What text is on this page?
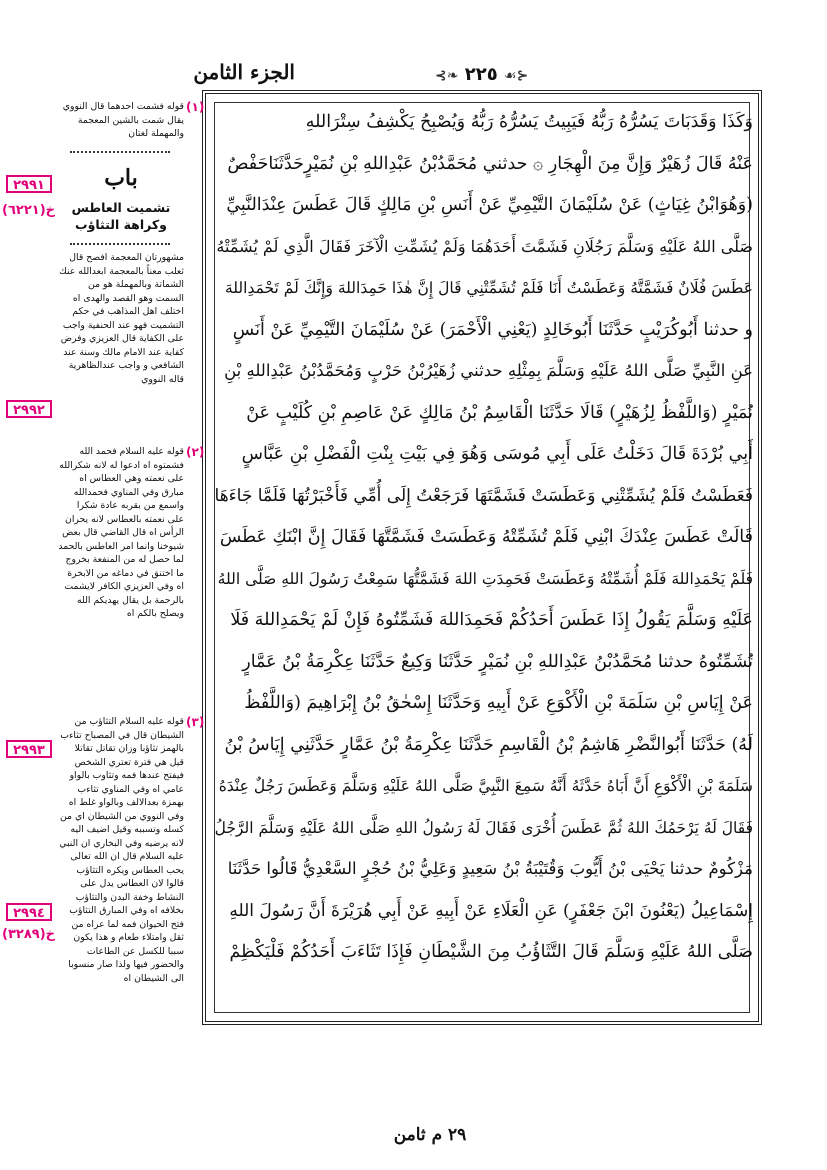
الجزء الثامن	⊰❧ ٢٢٥ ☙⊱
وَكَذَا وَقَدَبَاتَ يَسُرُّهُ رَبُّهُ فَيَبِيتُ يَسُرُّهُ رَبُّهُ وَيُصْبِحُ يَكْشِفُ سِتْرَاللهِ
عَنْهُ قَالَ زُهَيْرٌ وَإِنَّ مِنَ الْهِجَارِ ۞ حدثني مُحَمَّدُبْنُ عَبْدِاللهِ بْنِ نُمَيْرٍحَدَّثَنَاحَفْصٌ
(وَهُوَابْنُ غِيَاثٍ) عَنْ سُلَيْمَانَ التَّيْمِيِّ عَنْ أَنَسِ بْنِ مَالِكٍ قَالَ عَطَسَ عِنْدَالنَّبِيِّ
صَلَّى اللهُ عَلَيْهِ وَسَلَّمَ رَجُلَانِ فَشَمَّتَ أَحَدَهُمَا وَلَمْ يُشَمِّتِ الْآخَرَ فَقَالَ الَّذِي لَمْ يُشَمِّتْهُ
عَطَسَ فُلَانٌ فَشَمَّتَّهُ وَعَطَسْتُ أَنَا فَلَمْ تُشَمِّتْنِي قَالَ إِنَّ هٰذَا حَمِدَاللهَ وَإِنَّكَ لَمْ تَحْمَدِاللهَ
و حدثنا أَبُوكُرَيْبٍ حَدَّثَنَا أَبُوخَالِدٍ (يَعْنِي الْأَحْمَرَ) عَنْ سُلَيْمَانَ التَّيْمِيِّ عَنْ أَنَسٍ
عَنِ النَّبِيِّ صَلَّى اللهُ عَلَيْهِ وَسَلَّمَ بِمِثْلِهِ حدثني زُهَيْرُبْنُ حَرْبٍ وَمُحَمَّدُبْنُ عَبْدِاللهِ بْنِ
نُمَيْرٍ (وَاللَّفْظُ لِزُهَيْرٍ) قَالَا حَدَّثَنَا الْقَاسِمُ بْنُ مَالِكٍ عَنْ عَاصِمِ بْنِ كُلَيْبٍ عَنْ
أَبِي بُرْدَةَ قَالَ دَخَلْتُ عَلَى أَبِي مُوسَى وَهُوَ فِي بَيْتِ بِنْتِ الْفَضْلِ بْنِ عَبَّاسٍ
فَعَطَسْتُ فَلَمْ يُشَمِّتْنِي وَعَطَسَتْ فَشَمَّتَهَا فَرَجَعْتُ إِلَى أُمِّي فَأَخْبَرْتُهَا فَلَمَّا جَاءَهَا
قَالَتْ عَطَسَ عِنْدَكَ ابْنِي فَلَمْ تُشَمِّتْهُ وَعَطَسَتْ فَشَمَّتَّهَا فَقَالَ إِنَّ ابْنَكِ عَطَسَ
فَلَمْ يَحْمَدِاللهَ فَلَمْ أُشَمِّتْهُ وَعَطَسَتْ فَحَمِدَتِ اللهَ فَشَمَّتُّهَا سَمِعْتُ رَسُولَ اللهِ صَلَّى اللهُ
عَلَيْهِ وَسَلَّمَ يَقُولُ إِذَا عَطَسَ أَحَدُكُمْ فَحَمِدَاللهَ فَشَمِّتُوهُ فَإِنْ لَمْ يَحْمَدِاللهَ فَلَا
تُشَمِّتُوهُ حدثنا مُحَمَّدُبْنُ عَبْدِاللهِ بْنِ نُمَيْرٍ حَدَّثَنَا وَكِيعٌ حَدَّثَنَا عِكْرِمَةُ بْنُ عَمَّارٍ
عَنْ إِيَاسِ بْنِ سَلَمَةَ بْنِ الْأَكْوَعِ عَنْ أَبِيهِ وَحَدَّثَنَا إِسْحٰقُ بْنُ إِبْرَاهِيمَ (وَاللَّفْظُ
لَهُ) حَدَّثَنَا أَبُوالنَّضْرِ هَاشِمُ بْنُ الْقَاسِمِ حَدَّثَنَا عِكْرِمَةُ بْنُ عَمَّارٍ حَدَّثَنِي إِيَاسُ بْنُ
سَلَمَةَ بْنِ الْأَكْوَعِ أَنَّ أَبَاهُ حَدَّثَهُ أَنَّهُ سَمِعَ النَّبِيَّ صَلَّى اللهُ عَلَيْهِ وَسَلَّمَ وَعَطَسَ رَجُلٌ عِنْدَهُ
فَقَالَ لَهُ يَرْحَمُكَ اللهُ ثُمَّ عَطَسَ أُخْرَى فَقَالَ لَهُ رَسُولُ اللهِ صَلَّى اللهُ عَلَيْهِ وَسَلَّمَ الرَّجُلُ
مَزْكُومٌ حدثنا يَحْيَى بْنُ أَيُّوبَ وَقُتَيْبَةُ بْنُ سَعِيدٍ وَعَلِيُّ بْنُ حُجْرٍ السَّعْدِيُّ قَالُوا حَدَّثَنَا
إِسْمَاعِيلُ (يَعْنُونَ ابْنَ جَعْفَرٍ) عَنِ الْعَلَاءِ عَنْ أَبِيهِ عَنْ أَبِي هُرَيْرَةَ أَنَّ رَسُولَ اللهِ
صَلَّى اللهُ عَلَيْهِ وَسَلَّمَ قَالَ التَّثَاؤُبُ مِنَ الشَّيْطَانِ فَإِذَا تَثَاءَبَ أَحَدُكُمْ فَلْيَكْظِمْ
(١)
قوله فشمت احدهما قال النووي يقال شمت بالشين المعجمة والمهملة لغتان
٢٩٩١	باب
خ(٦٢٢١)	تشميت العاطس وكراهة التثاؤب
مشهورتان المعجمة افصح قال ثعلب معناً بالمعجمة ابعدالله عنك الشماتة وبالمهملة هو من السمت وهو القصد والهدى اه اختلف اهل المذاهب في حكم التشميت فهو عند الحنفية واجب على الكفاية قال العزيزي وفرض كفاية عند الامام مالك وسنة عند الشافعي و واجب عندالظاهرية قاله النووي
٢٩٩٢
(٢)
قوله عليه السلام فحمد الله فشمتوه اه ادعوا له لانه شكرالله على نعمته وهي العطاس اه مبارق وفي المناوي فحمدالله واسمع من بقربه عادة شكرا على نعمته بالعطاس لانه يحران الرأس اه قال القاضي قال بعض شيوخنا وانما امر العاطس بالحمد لما حصل له من المنفعة بخروج ما اختنق في دماغه من الابخرة اه وفي العزيزي الكافر لايشمت بالرحمة بل يقال يهديكم الله ويصلح بالكم اه
(٣)
٢٩٩٣
قوله عليه السلام التثاؤب من الشيطان قال في المصباح تثاءب بالهمز تثاؤبا وزان تقاتل تقاتلا قيل هي فترة تعتري الشخص فيفتح عندها فمه وتثاوب بالواو عامي اه وفي المناوي تثاءب بهمزة بعدالالف وبالواو غلط اه وفي النووي من الشيطان اي من كسله وتسببه وقيل اضيف اليه لانه يرضيه وفي البخاري ان النبي عليه السلام قال ان الله تعالى يحب العطاس ويكره التثاؤب قالوا لان العطاس يدل على النشاط وخفة البدن والتثاؤب بخلافه اه وفي المبارق التثاؤب فتح الحيوان فمه لما عراه من ثقل وامتلاء طعام و هذا يكون سببا للكسل عن الطاعات والحضور فيها ولذا صار منسوبا الى الشيطان اه
٢٩٩٤
خ(٣٢٨٩)
٢٩ م ثامن
